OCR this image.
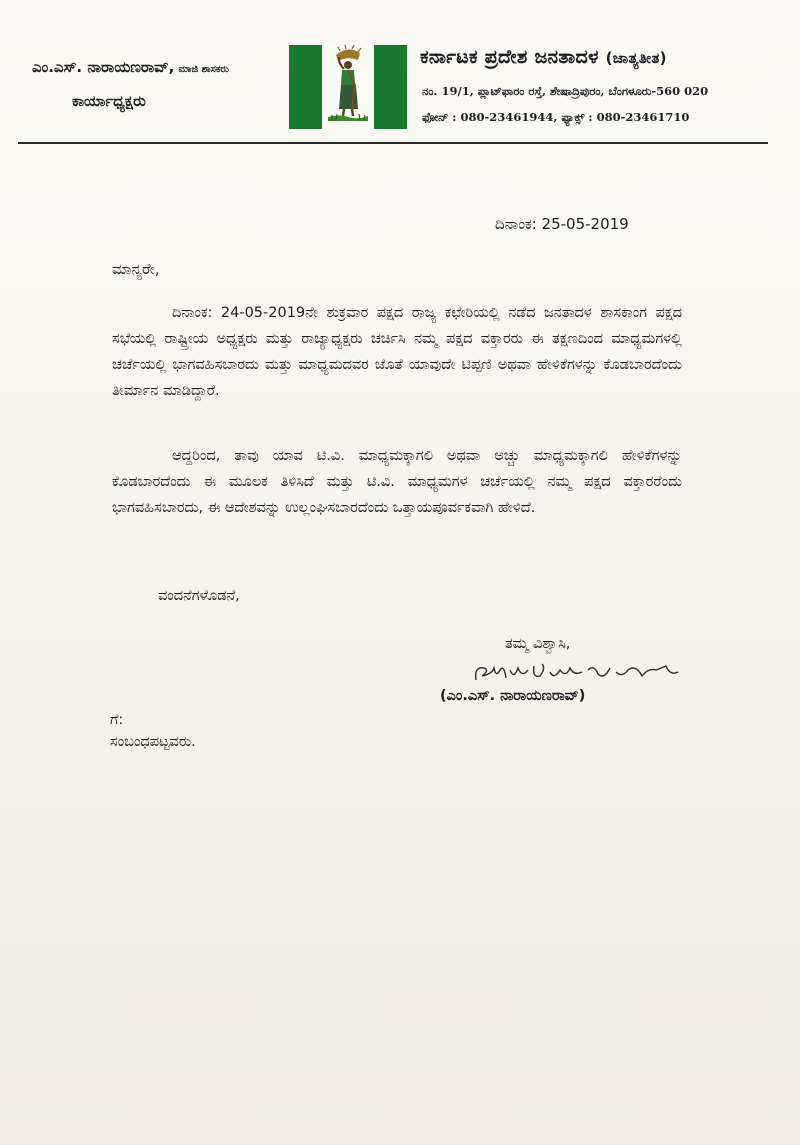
ಎಂ.ಎಸ್. ನಾರಾಯಣರಾವ್, ಮಾಜಿ ಶಾಸಕರು
ಕಾರ್ಯಾಧ್ಯಕ್ಷರು
ಕರ್ನಾಟಕ ಪ್ರದೇಶ ಜನತಾದಳ (ಜಾತ್ಯತೀತ)
ನಂ. 19/1, ಪ್ಲಾಟ್‌ಫಾರಂ ರಸ್ತೆ, ಶೇಷಾದ್ರಿಪುರಂ, ಬೆಂಗಳೂರು-560 020
ಫೋನ್ : 080-23461944, ಫ್ಯಾಕ್ಸ್ : 080-23461710
ದಿನಾಂಕ: 25-05-2019
ಮಾನ್ಯರೇ,
ದಿನಾಂಕ: 24-05-2019ನೇ ಶುಕ್ರವಾರ ಪಕ್ಷದ ರಾಜ್ಯ ಕಛೇರಿಯಲ್ಲಿ ನಡೆದ ಜನತಾದಳ ಶಾಸಕಾಂಗ ಪಕ್ಷದ ಸಭೆಯಲ್ಲಿ ರಾಷ್ಟ್ರೀಯ ಅಧ್ಯಕ್ಷರು ಮತ್ತು ರಾಜ್ಯಾಧ್ಯಕ್ಷರು ಚರ್ಚಿಸಿ ನಮ್ಮ ಪಕ್ಷದ ವಕ್ತಾರರು ಈ ತಕ್ಷಣದಿಂದ ಮಾಧ್ಯಮಗಳಲ್ಲಿ ಚರ್ಚೆಯಲ್ಲಿ ಭಾಗವಹಿಸಬಾರದು ಮತ್ತು ಮಾಧ್ಯಮದವರ ಜೊತೆ ಯಾವುದೇ ಟಿಪ್ಪಣಿ ಅಥವಾ ಹೇಳಿಕೆಗಳನ್ನು ಕೊಡಬಾರದೆಂದು ತೀರ್ಮಾನ ಮಾಡಿದ್ದಾರೆ.
ಆದ್ದರಿಂದ, ತಾವು ಯಾವ ಟಿ.ವಿ. ಮಾಧ್ಯಮಕ್ಕಾಗಲಿ ಅಥವಾ ಅಚ್ಚು ಮಾಧ್ಯಮಕ್ಕಾಗಲಿ ಹೇಳಿಕೆಗಳನ್ನು ಕೊಡಬಾರದೆಂದು ಈ ಮೂಲಕ ತಿಳಿಸಿದೆ ಮತ್ತು ಟಿ.ವಿ. ಮಾಧ್ಯಮಗಳ ಚರ್ಚೆಯಲ್ಲಿ ನಮ್ಮ ಪಕ್ಷದ ವಕ್ತಾರರೆಂದು ಭಾಗವಹಿಸಬಾರದು, ಈ ಆದೇಶವನ್ನು ಉಲ್ಲಂಘಿಸಬಾರದೆಂದು ಒತ್ತಾಯಪೂರ್ವಕವಾಗಿ ಹೇಳಿದೆ.
ವಂದನೆಗಳೊಡನೆ,
ತಮ್ಮ ವಿಶ್ವಾಸಿ,
(ಎಂ.ಎಸ್. ನಾರಾಯಣರಾವ್)
ಗೆ:
ಸಂಬಂಧಪಟ್ಟವರು.
